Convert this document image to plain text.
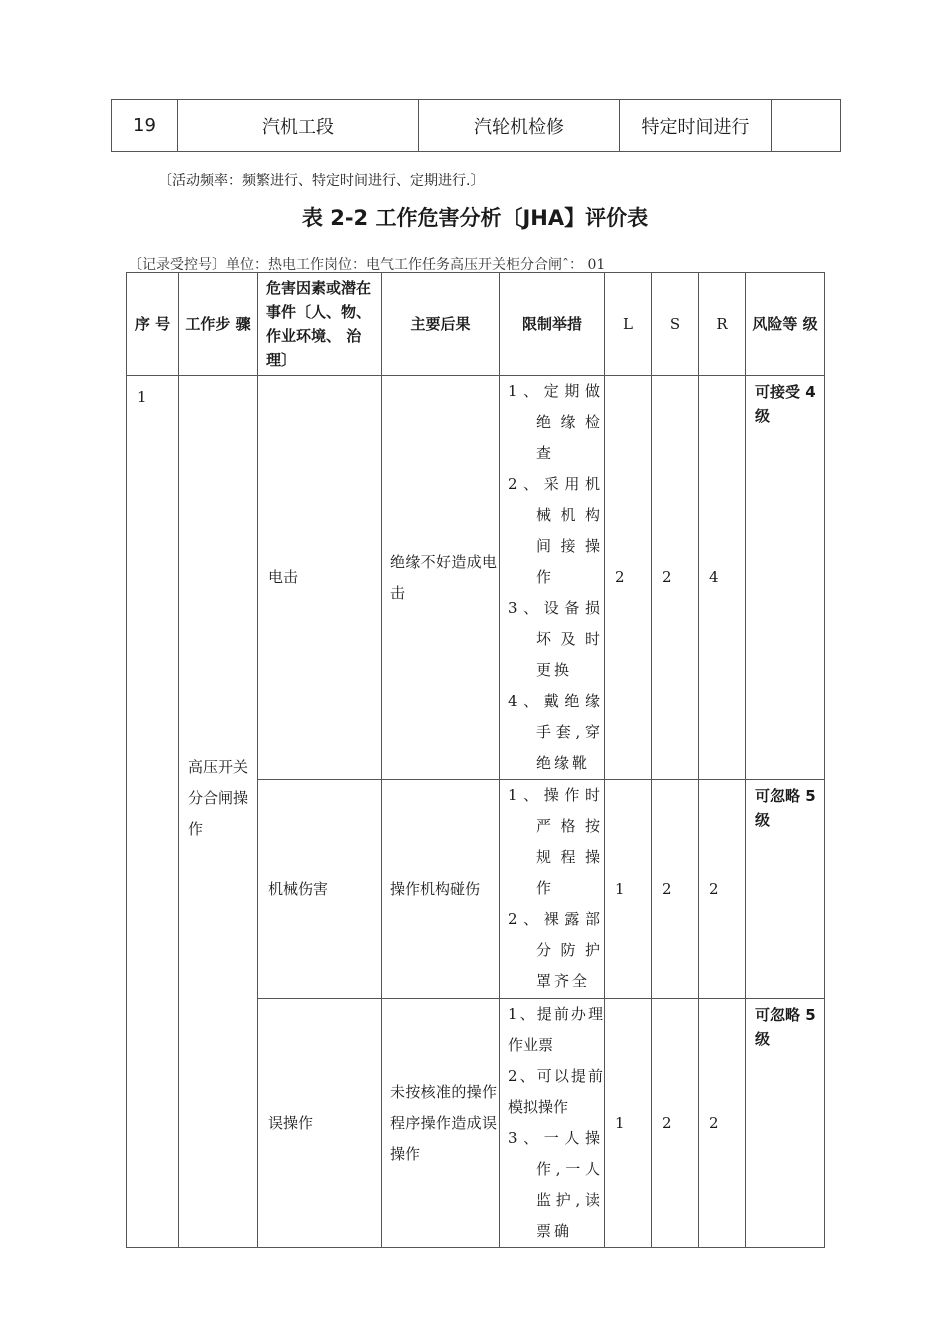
19	汽机工段	汽轮机检修	特定时间进行	
〔活动频率：频繁进行、特定时间进行、定期进行.〕
表 2-2 工作危害分析〔JHA】评价表
〔记录受控号〕单位：热电工作岗位：电气工作任务高压开关柜分合闸ˆ： 01
序 号	工作步 骤	危害因素或潜在事件〔人、物、作业环境、 治理〕	主要后果	限制举措	L	S	R	风险等 级
1	高压开关分合闸操作	电击	绝缘不好造成电击	1、定期做绝缘检查
2、采用机械机构间接操作
3、设备损坏及时更换
4、戴绝缘手套,穿绝缘靴	2	2	4	可接受 4级
		机械伤害	操作机构碰伤	1、操作时严格按规程操作
2、裸露部分防护罩齐全	1	2	2	可忽略 5级
		误操作	未按核准的操作程序操作造成误操作	1、提前办理作业票
2、可以提前模拟操作
3、一人操作,一人监护,读票确	1	2	2	可忽略 5级
